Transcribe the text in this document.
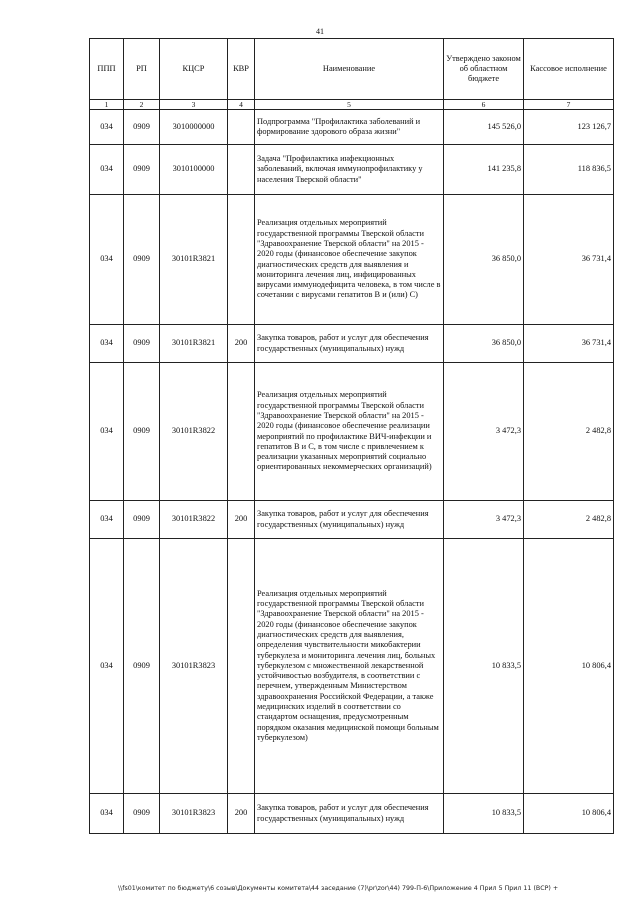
41
ППП	РП	КЦСР	КВР	Наименование	Утверждено законом об областном бюджете	Кассовое исполнение
1	2	3	4	5	6	7
034	0909	3010000000		Подпрограмма "Профилактика заболеваний и формирование здорового образа жизни"	145 526,0	123 126,7
034	0909	3010100000		Задача "Профилактика инфекционных заболеваний, включая иммунопрофилактику у населения Тверской области"	141 235,8	118 836,5
034	0909	30101R3821		Реализация отдельных мероприятий государственной программы Тверской области "Здравоохранение Тверской области" на 2015 - 2020 годы (финансовое обеспечение закупок диагностических средств для выявления и мониторинга лечения лиц, инфицированных вирусами иммунодефицита человека, в том числе в сочетании с вирусами гепатитов В и (или) С)	36 850,0	36 731,4
034	0909	30101R3821	200	Закупка товаров, работ и услуг для обеспечения государственных (муниципальных) нужд	36 850,0	36 731,4
034	0909	30101R3822		Реализация отдельных мероприятий государственной программы Тверской области "Здравоохранение Тверской области" на 2015 - 2020 годы (финансовое обеспечение реализации мероприятий по профилактике ВИЧ-инфекции и гепатитов В и С, в том числе с привлечением к реализации указанных мероприятий социально ориентированных некоммерческих организаций)	3 472,3	2 482,8
034	0909	30101R3822	200	Закупка товаров, работ и услуг для обеспечения государственных (муниципальных) нужд	3 472,3	2 482,8
034	0909	30101R3823		Реализация отдельных мероприятий государственной программы Тверской области "Здравоохранение Тверской области" на 2015 - 2020 годы (финансовое обеспечение закупок диагностических средств для выявления, определения чувствительности микобактерии туберкулеза и мониторинга лечения лиц, больных туберкулезом с множественной лекарственной устойчивостью возбудителя, в соответствии с перечнем, утвержденным Министерством здравоохранения Российской Федерации, а также медицинских изделий в соответствии со стандартом оснащения, предусмотренным порядком оказания медицинской помощи больным туберкулезом)	10 833,5	10 806,4
034	0909	30101R3823	200	Закупка товаров, работ и услуг для обеспечения государственных (муниципальных) нужд	10 833,5	10 806,4
\\fs01\комитет по бюджету\6 созыв\Документы комитета\44 заседание (7)\pr\zor\44) 799-П-6\Приложение 4 Прил 5 Прил 11 (ВСР) +
